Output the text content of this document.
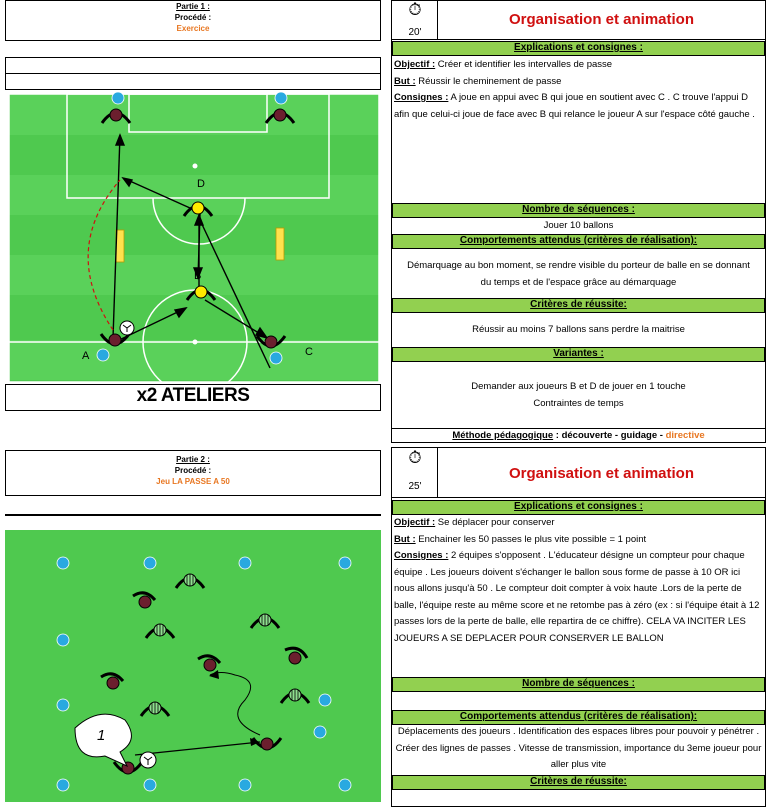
Partie 1 :
Procédé :
Exercice
⏱
20'
Organisation et animation
Explications et consignes :
Objectif : Créer et identifier les intervalles de passe
But : Réussir le cheminement de passe
Consignes : A joue en appui avec B qui joue en soutient avec C . C trouve l'appui D afin que celui-ci joue de face avec B qui relance le joueur A sur l'espace côté gauche .
Nombre de séquences :
Jouer 10 ballons
Comportements attendus (critères de réalisation):
Démarquage au bon moment, se rendre visible du porteur de balle en se donnant du temps et de l'espace grâce au démarquage
Critères de réussite:
Réussir au moins 7 ballons sans perdre la maitrise
Variantes :
Demander aux joueurs B et D de jouer en 1 touche
Contraintes de temps
Méthode pédagogique : découverte - guidage - directive
A
B
C
D
x2 ATELIERS
Partie 2 :
Procédé :
Jeu LA PASSE A 50
⏱
25'
Organisation et animation
Explications et consignes :
Objectif : Se déplacer pour conserver
But : Enchainer les 50 passes le plus vite possible = 1 point
Consignes : 2 équipes s'opposent . L'éducateur désigne un compteur pour chaque équipe . Les joueurs doivent s'échanger le ballon sous forme de passe à 10 OR ici nous allons jusqu'à 50 . Le compteur doit compter à voix haute .Lors de la perte de balle, l'équipe reste au même score et ne retombe pas à zéro (ex : si l'équipe était à 12 passes lors de la perte de balle, elle repartira de ce chiffre). CELA VA INCITER LES JOUEURS A SE DEPLACER POUR CONSERVER LE BALLON
Nombre de séquences :
Comportements attendus (critères de réalisation):
Déplacements des joueurs . Identification des espaces libres pour pouvoir y pénétrer . Créer des lignes de passes . Vitesse de transmission, importance du 3eme joueur pour aller plus vite
Critères de réussite:
1
